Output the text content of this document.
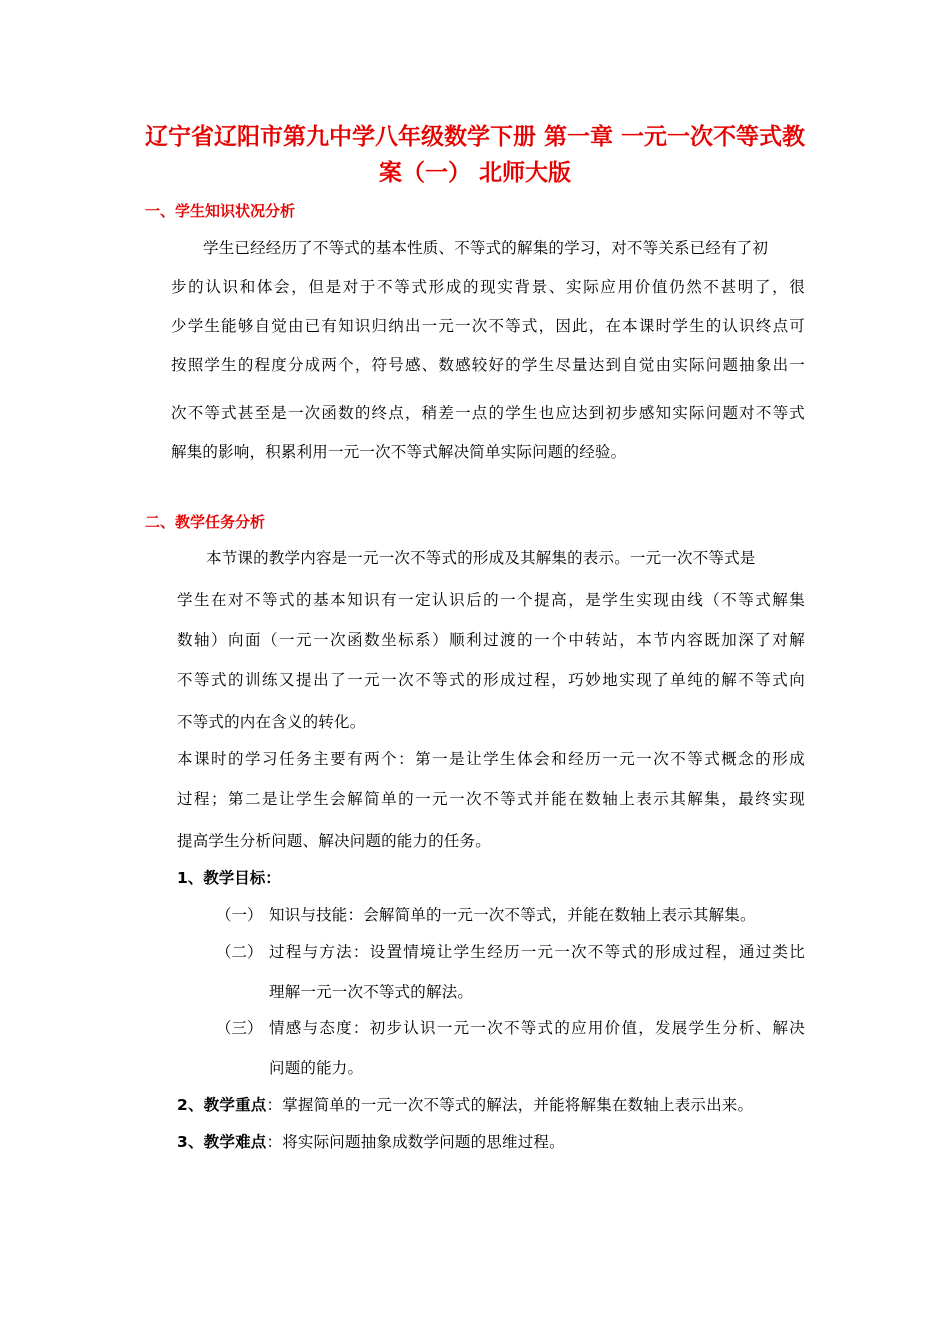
辽宁省辽阳市第九中学八年级数学下册 第一章 一元一次不等式教
案（一） 北师大版
一、学生知识状况分析
学生已经经历了不等式的基本性质、不等式的解集的学习，对不等关系已经有了初
步的认识和体会，但是对于不等式形成的现实背景、实际应用价值仍然不甚明了，很
少学生能够自觉由已有知识归纳出一元一次不等式，因此，在本课时学生的认识终点可
按照学生的程度分成两个，符号感、数感较好的学生尽量达到自觉由实际问题抽象出一
次不等式甚至是一次函数的终点，稍差一点的学生也应达到初步感知实际问题对不等式
解集的影响，积累利用一元一次不等式解决简单实际问题的经验。
二、教学任务分析
本节课的教学内容是一元一次不等式的形成及其解集的表示。一元一次不等式是
学生在对不等式的基本知识有一定认识后的一个提高，是学生实现由线（不等式解集
数轴）向面（一元一次函数坐标系）顺利过渡的一个中转站，本节内容既加深了对解
不等式的训练又提出了一元一次不等式的形成过程，巧妙地实现了单纯的解不等式向
不等式的内在含义的转化。
本课时的学习任务主要有两个：第一是让学生体会和经历一元一次不等式概念的形成
过程；第二是让学生会解简单的一元一次不等式并能在数轴上表示其解集，最终实现
提高学生分析问题、解决问题的能力的任务。
1、教学目标：
（一） 知识与技能：会解简单的一元一次不等式，并能在数轴上表示其解集。
（二） 过程与方法：设置情境让学生经历一元一次不等式的形成过程，通过类比
理解一元一次不等式的解法。
（三） 情感与态度：初步认识一元一次不等式的应用价值，发展学生分析、解决
问题的能力。
2、教学重点：掌握简单的一元一次不等式的解法，并能将解集在数轴上表示出来。
3、教学难点：将实际问题抽象成数学问题的思维过程。
